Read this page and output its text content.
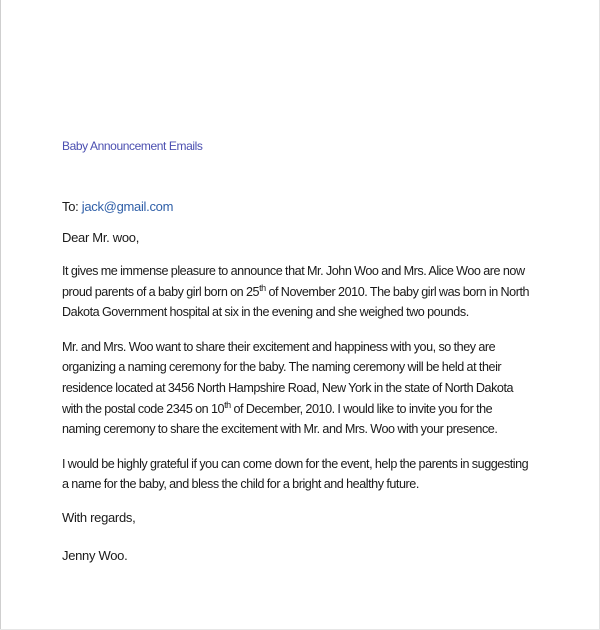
Baby Announcement Emails

To: jack@gmail.com

Dear Mr. woo,

It gives me immense pleasure to announce that Mr. John Woo and Mrs. Alice Woo are now proud parents of a baby girl born on 25th of November 2010. The baby girl was born in North Dakota Government hospital at six in the evening and she weighed two pounds.

Mr. and Mrs. Woo want to share their excitement and happiness with you, so they are organizing a naming ceremony for the baby. The naming ceremony will be held at their residence located at 3456 North Hampshire Road, New York in the state of North Dakota with the postal code 2345 on 10th of December, 2010. I would like to invite you for the naming ceremony to share the excitement with Mr. and Mrs. Woo with your presence.

I would be highly grateful if you can come down for the event, help the parents in suggesting a name for the baby, and bless the child for a bright and healthy future.

With regards,

Jenny Woo.
